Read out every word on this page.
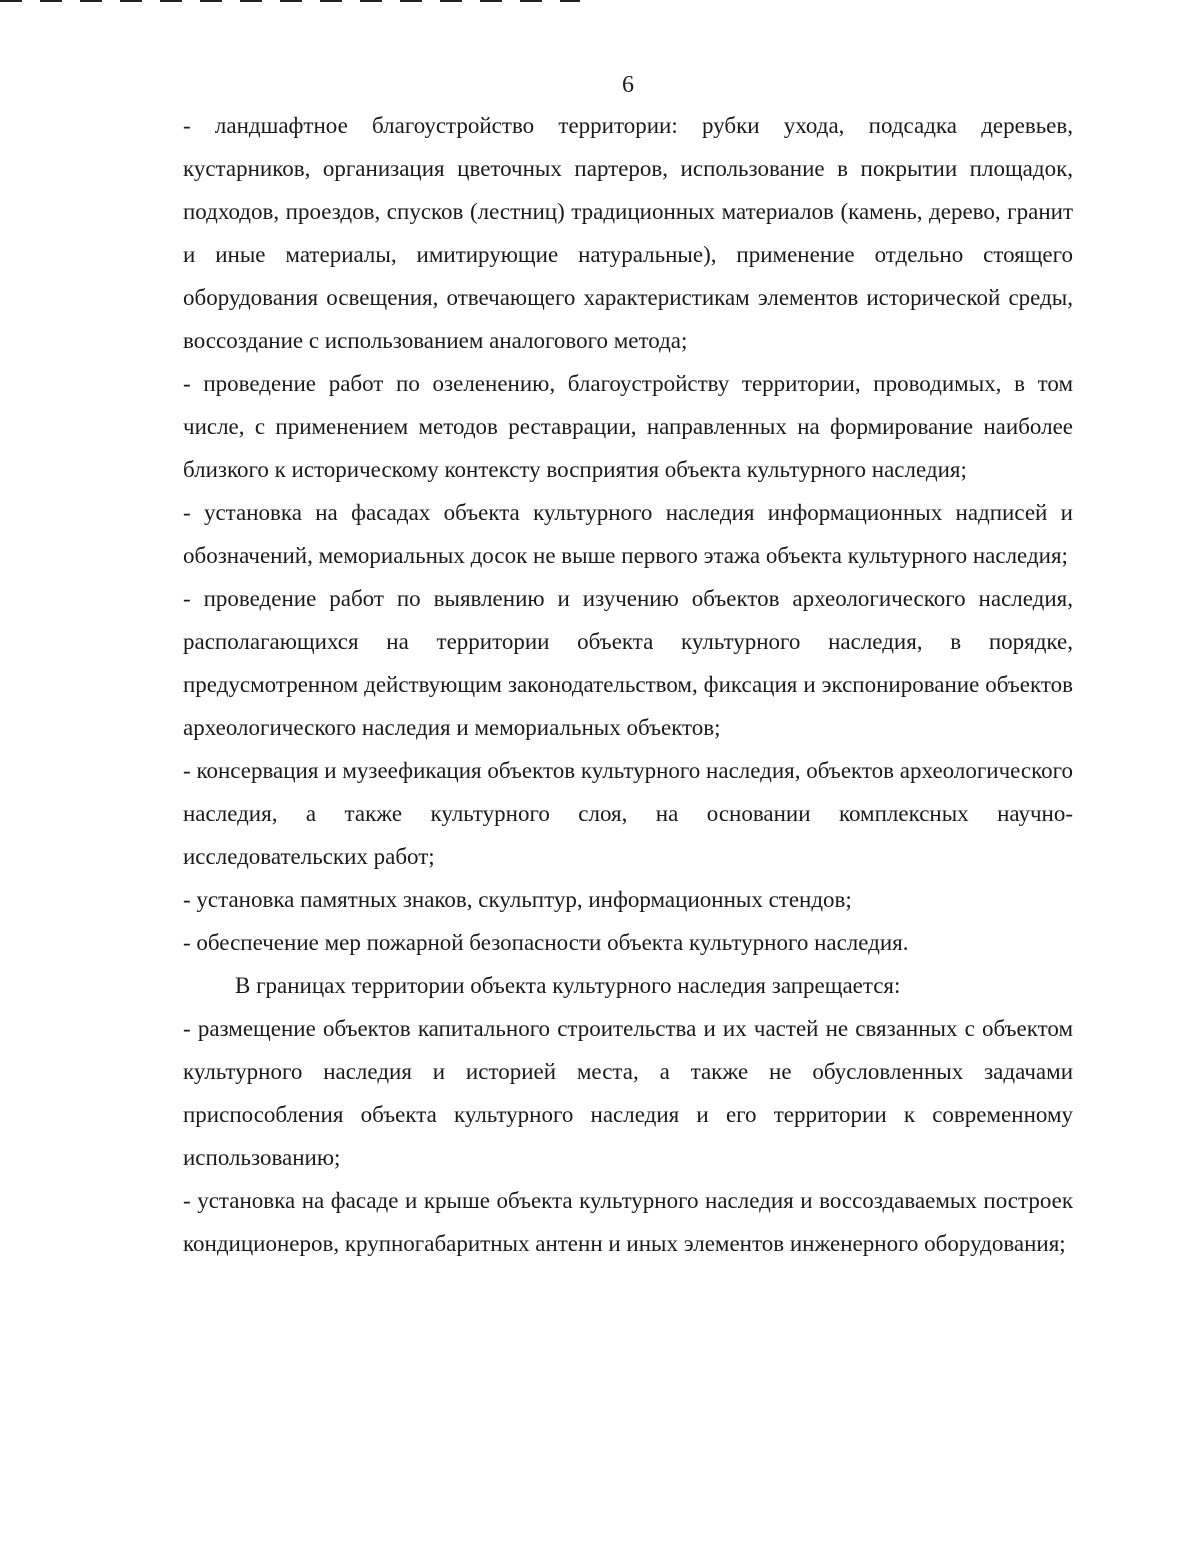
6

- ландшафтное благоустройство территории: рубки ухода, подсадка деревьев, кустарников, организация цветочных партеров, использование в покрытии площадок, подходов, проездов, спусков (лестниц) традиционных материалов (камень, дерево, гранит и иные материалы, имитирующие натуральные), применение отдельно стоящего оборудования освещения, отвечающего характеристикам элементов исторической среды, воссоздание с использованием аналогового метода;

- проведение работ по озеленению, благоустройству территории, проводимых, в том числе, с применением методов реставрации, направленных на формирование наиболее близкого к историческому контексту восприятия объекта культурного наследия;

- установка на фасадах объекта культурного наследия информационных надписей и обозначений, мемориальных досок не выше первого этажа объекта культурного наследия;

- проведение работ по выявлению и изучению объектов археологического наследия, располагающихся на территории объекта культурного наследия, в порядке, предусмотренном действующим законодательством, фиксация и экспонирование объектов археологического наследия и мемориальных объектов;

- консервация и музеефикация объектов культурного наследия, объектов археологического наследия, а также культурного слоя, на основании комплексных научно-исследовательских работ;

- установка памятных знаков, скульптур, информационных стендов;

- обеспечение мер пожарной безопасности объекта культурного наследия.

В границах территории объекта культурного наследия запрещается:

- размещение объектов капитального строительства и их частей не связанных с объектом культурного наследия и историей места, а также не обусловленных задачами приспособления объекта культурного наследия и его территории к современному использованию;

- установка на фасаде и крыше объекта культурного наследия и воссоздаваемых построек кондиционеров, крупногабаритных антенн и иных элементов инженерного оборудования;
